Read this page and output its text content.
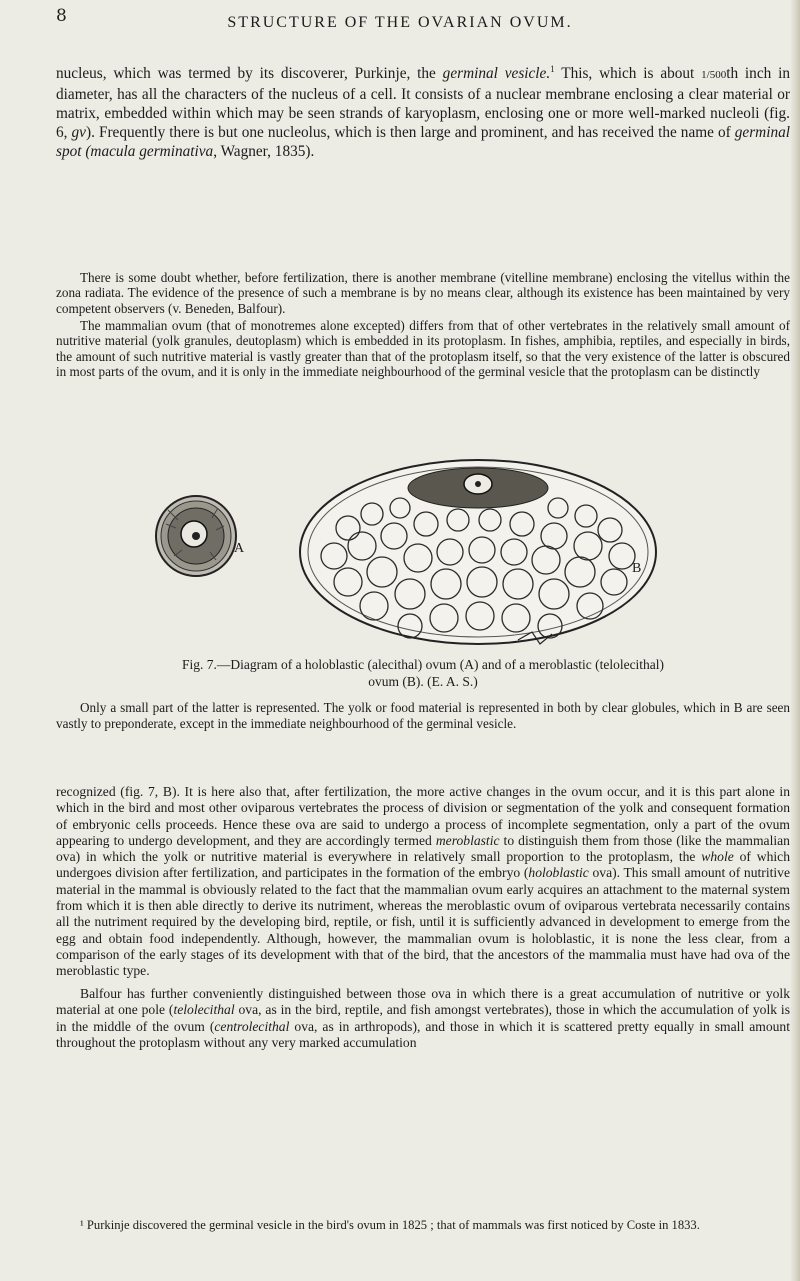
8	STRUCTURE OF THE OVARIAN OVUM.

nucleus, which was termed by its discoverer, Purkinje, the germinal vesicle.$^1$ This, which is about 1/500th inch in diameter, has all the characters of the nucleus of a cell. It consists of a nuclear membrane enclosing a clear material or matrix, embedded within which may be seen strands of karyoplasm, enclosing one or more well-marked nucleoli (fig. 6, gv). Frequently there is but one nucleolus, which is then large and prominent, and has received the name of germinal spot (macula germinativa, Wagner, 1835).

There is some doubt whether, before fertilization, there is another membrane (vitelline membrane) enclosing the vitellus within the zona radiata. The evidence of the presence of such a membrane is by no means clear, although its existence has been maintained by very competent observers (v. Beneden, Balfour).

The mammalian ovum (that of monotremes alone excepted) differs from that of other vertebrates in the relatively small amount of nutritive material (yolk granules, deutoplasm) which is embedded in its protoplasm. In fishes, amphibia, reptiles, and especially in birds, the amount of such nutritive material is vastly greater than that of the protoplasm itself, so that the very existence of the latter is obscured in most parts of the ovum, and it is only in the immediate neighbourhood of the germinal vesicle that the protoplasm can be distinctly

A
B
Fig. 7.—Diagram of a holoblastic (alecithal) ovum (A) and of a meroblastic (telolecithal)
ovum (B). (E. A. S.)

Only a small part of the latter is represented. The yolk or food material is represented in both by clear globules, which in B are seen vastly to preponderate, except in the immediate neighbourhood of the germinal vesicle.

recognized (fig. 7, B). It is here also that, after fertilization, the more active changes in the ovum occur, and it is this part alone in which in the bird and most other oviparous vertebrates the process of division or segmentation of the yolk and consequent formation of embryonic cells proceeds. Hence these ova are said to undergo a process of incomplete segmentation, only a part of the ovum appearing to undergo development, and they are accordingly termed meroblastic to distinguish them from those (like the mammalian ova) in which the yolk or nutritive material is everywhere in relatively small proportion to the protoplasm, the whole of which undergoes division after fertilization, and participates in the formation of the embryo (holoblastic ova). This small amount of nutritive material in the mammal is obviously related to the fact that the mammalian ovum early acquires an attachment to the maternal system from which it is then able directly to derive its nutriment, whereas the meroblastic ovum of oviparous vertebrata necessarily contains all the nutriment required by the developing bird, reptile, or fish, until it is sufficiently advanced in development to emerge from the egg and obtain food independently. Although, however, the mammalian ovum is holoblastic, it is none the less clear, from a comparison of the early stages of its development with that of the bird, that the ancestors of the mammalia must have had ova of the meroblastic type.

Balfour has further conveniently distinguished between those ova in which there is a great accumulation of nutritive or yolk material at one pole (telolecithal ova, as in the bird, reptile, and fish amongst vertebrates), those in which the accumulation of yolk is in the middle of the ovum (centrolecithal ova, as in arthropods), and those in which it is scattered pretty equally in small amount throughout the protoplasm without any very marked accumulation

¹ Purkinje discovered the germinal vesicle in the bird's ovum in 1825 ; that of mammals was first noticed by Coste in 1833.
